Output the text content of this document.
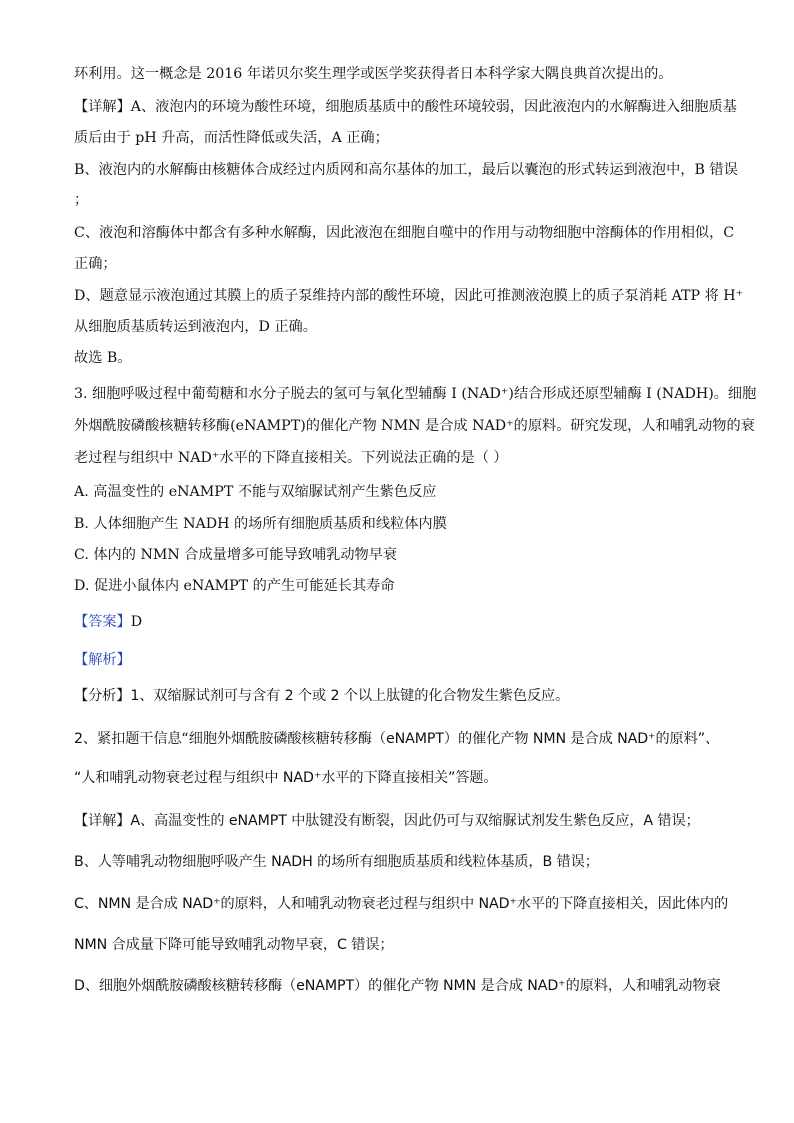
环利用。这一概念是 2016 年诺贝尔奖生理学或医学奖获得者日本科学家大隅良典首次提出的。
【详解】A、液泡内的环境为酸性环境，细胞质基质中的酸性环境较弱，因此液泡内的水解酶进入细胞质基
质后由于 pH 升高，而活性降低或失活，A 正确；
B、液泡内的水解酶由核糖体合成经过内质网和高尔基体的加工，最后以囊泡的形式转运到液泡中，B 错误
；
C、液泡和溶酶体中都含有多种水解酶，因此液泡在细胞自噬中的作用与动物细胞中溶酶体的作用相似，C
正确；
D、题意显示液泡通过其膜上的质子泵维持内部的酸性环境，因此可推测液泡膜上的质子泵消耗 ATP 将 H⁺
从细胞质基质转运到液泡内，D 正确。
故选 B。
3. 细胞呼吸过程中葡萄糖和水分子脱去的氢可与氧化型辅酶 I (NAD⁺)结合形成还原型辅酶 I (NADH)。细胞
外烟酰胺磷酸核糖转移酶(eNAMPT)的催化产物 NMN 是合成 NAD⁺的原料。研究发现，人和哺乳动物的衰
老过程与组织中 NAD⁺水平的下降直接相关。下列说法正确的是（ ）
A. 高温变性的 eNAMPT 不能与双缩脲试剂产生紫色反应
B. 人体细胞产生 NADH 的场所有细胞质基质和线粒体内膜
C. 体内的 NMN 合成量增多可能导致哺乳动物早衰
D. 促进小鼠体内 eNAMPT 的产生可能延长其寿命
【答案】D
【解析】
【分析】1、双缩脲试剂可与含有 2 个或 2 个以上肽键的化合物发生紫色反应。
2、紧扣题干信息“细胞外烟酰胺磷酸核糖转移酶（eNAMPT）的催化产物 NMN 是合成 NAD⁺的原料”、
“人和哺乳动物衰老过程与组织中 NAD⁺水平的下降直接相关”答题。
【详解】A、高温变性的 eNAMPT 中肽键没有断裂，因此仍可与双缩脲试剂发生紫色反应，A 错误；
B、人等哺乳动物细胞呼吸产生 NADH 的场所有细胞质基质和线粒体基质，B 错误；
C、NMN 是合成 NAD⁺的原料，人和哺乳动物衰老过程与组织中 NAD⁺水平的下降直接相关，因此体内的
NMN 合成量下降可能导致哺乳动物早衰，C 错误；
D、细胞外烟酰胺磷酸核糖转移酶（eNAMPT）的催化产物 NMN 是合成 NAD⁺的原料，人和哺乳动物衰
